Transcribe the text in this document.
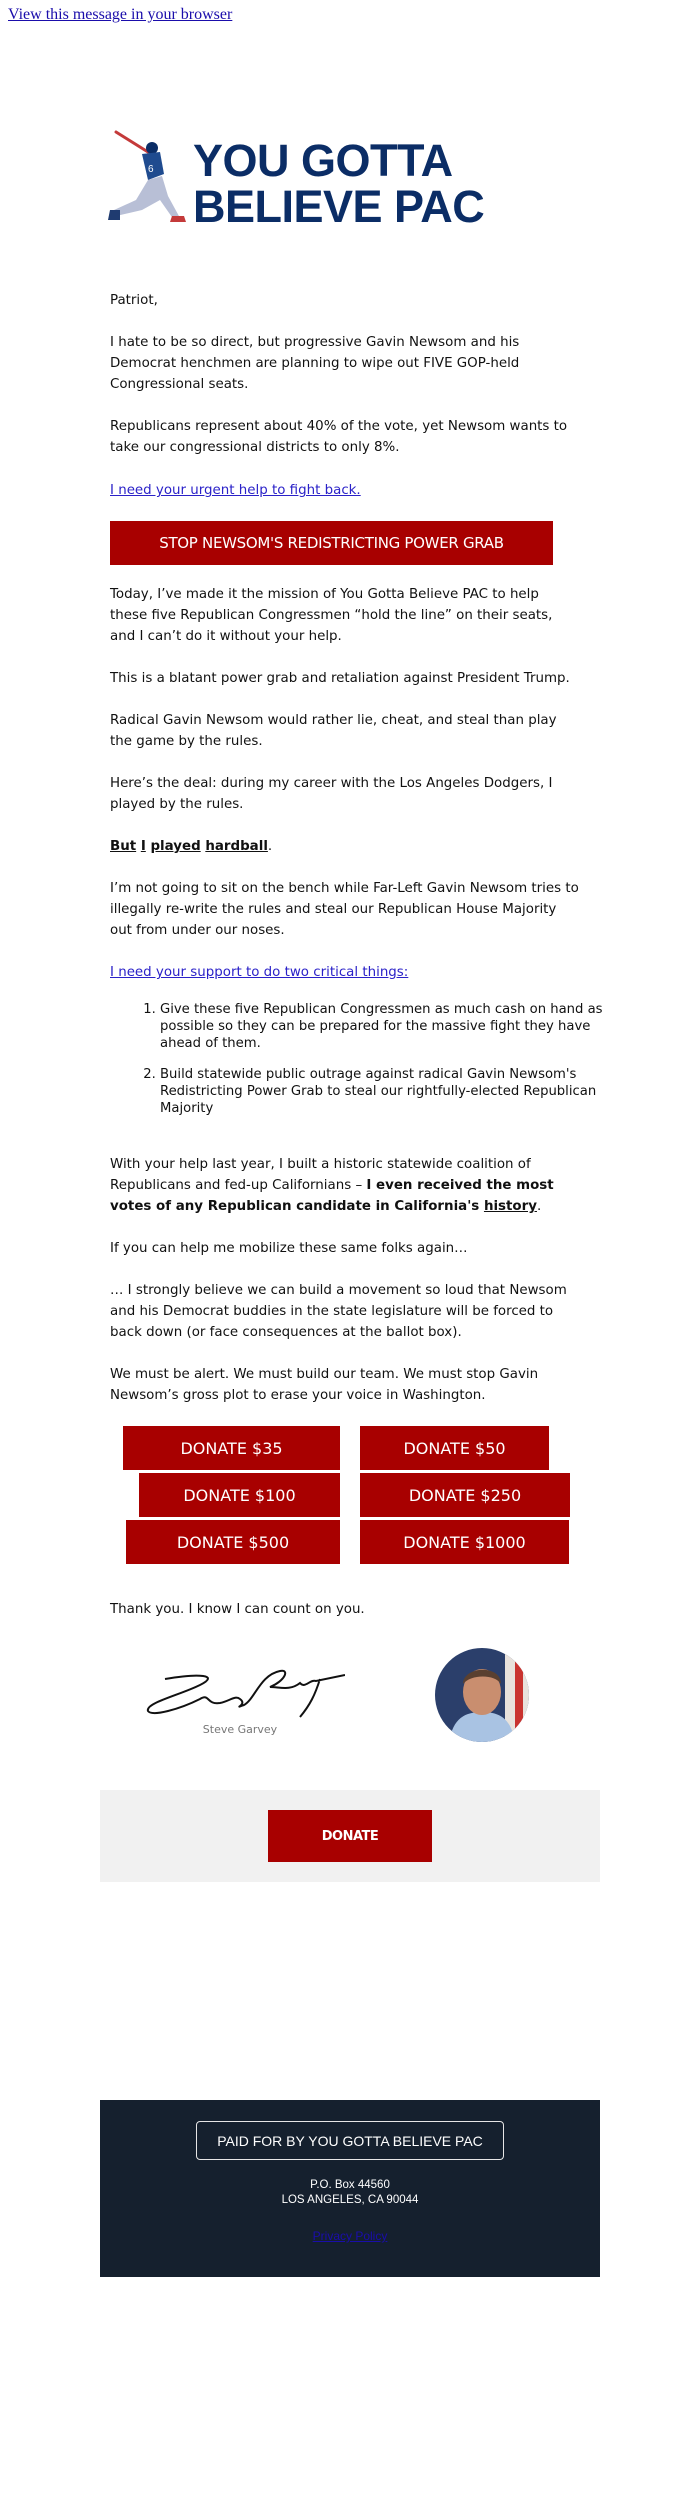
View this message in your browser
6 YOU GOTTA
BELIEVE PAC

Patriot,

I hate to be so direct, but progressive Gavin Newsom and his Democrat henchmen are planning to wipe out FIVE GOP-held Congressional seats.

Republicans represent about 40% of the vote, yet Newsom wants to take our congressional districts to only 8%.

I need your urgent help to fight back.
STOP NEWSOM'S REDISTRICTING POWER GRAB

Today, I’ve made it the mission of You Gotta Believe PAC to help these five Republican Congressmen “hold the line” on their seats, and I can’t do it without your help.

This is a blatant power grab and retaliation against President Trump.

Radical Gavin Newsom would rather lie, cheat, and steal than play the game by the rules.

Here’s the deal: during my career with the Los Angeles Dodgers, I played by the rules.

But I played hardball.

I’m not going to sit on the bench while Far-Left Gavin Newsom tries to illegally re-write the rules and steal our Republican House Majority out from under our noses.

I need your support to do two critical things:
1. Give these five Republican Congressmen as much cash on hand as possible so they can be prepared for the massive fight they have ahead of them.
2. Build statewide public outrage against radical Gavin Newsom's Redistricting Power Grab to steal our rightfully-elected Republican Majority

With your help last year, I built a historic statewide coalition of Republicans and fed-up Californians – I even received the most votes of any Republican candidate in California's history.

If you can help me mobilize these same folks again…

… I strongly believe we can build a movement so loud that Newsom and his Democrat buddies in the state legislature will be forced to back down (or face consequences at the ballot box).

We must be alert. We must build our team. We must stop Gavin Newsom’s gross plot to erase your voice in Washington.

DONATE $35	DONATE $50
DONATE $100	DONATE $250
DONATE $500	DONATE $1000

Thank you. I know I can count on you.

Steve Garvey
DONATE
PAID FOR BY YOU GOTTA BELIEVE PAC
P.O. Box 44560
LOS ANGELES, CA 90044
Privacy Policy
